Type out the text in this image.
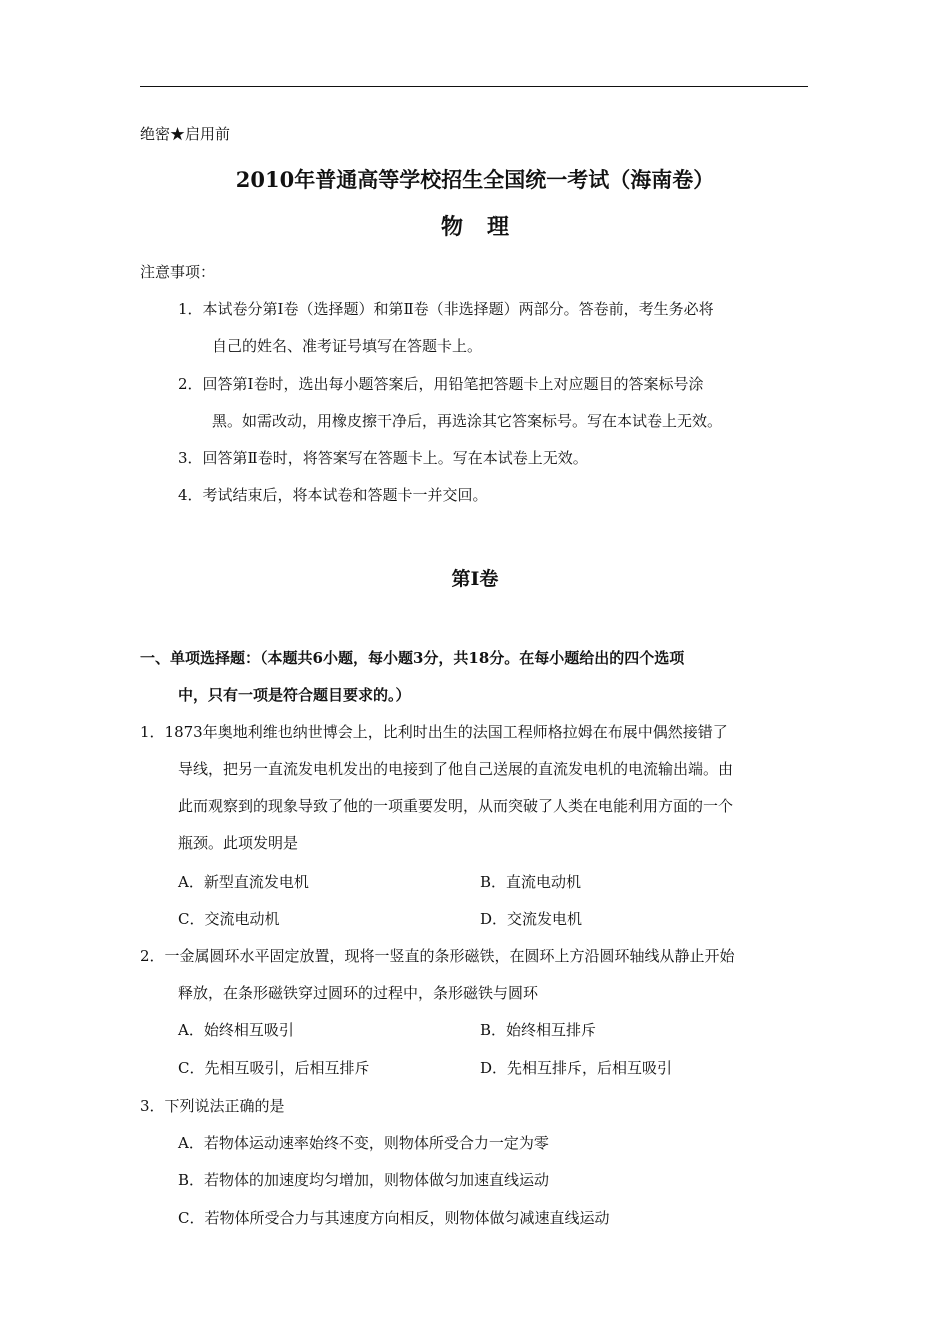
绝密★启用前
2010年普通高等学校招生全国统一考试（海南卷）
物理
注意事项：
1．本试卷分第Ⅰ卷（选择题）和第Ⅱ卷（非选择题）两部分。答卷前，考生务必将
自己的姓名、准考证号填写在答题卡上。
2．回答第Ⅰ卷时，选出每小题答案后，用铅笔把答题卡上对应题目的答案标号涂
黑。如需改动，用橡皮擦干净后，再选涂其它答案标号。写在本试卷上无效。
3．回答第Ⅱ卷时，将答案写在答题卡上。写在本试卷上无效。
4．考试结束后，将本试卷和答题卡一并交回。
第Ⅰ卷
一、单项选择题：（本题共6小题，每小题3分，共18分。在每小题给出的四个选项
中，只有一项是符合题目要求的。）
1．1873年奥地利维也纳世博会上，比利时出生的法国工程师格拉姆在布展中偶然接错了
导线，把另一直流发电机发出的电接到了他自己送展的直流发电机的电流输出端。由
此而观察到的现象导致了他的一项重要发明，从而突破了人类在电能利用方面的一个
瓶颈。此项发明是
A．新型直流发电机	B．直流电动机
C．交流电动机	D．交流发电机
2．一金属圆环水平固定放置，现将一竖直的条形磁铁，在圆环上方沿圆环轴线从静止开始
释放，在条形磁铁穿过圆环的过程中，条形磁铁与圆环
A．始终相互吸引	B．始终相互排斥
C．先相互吸引，后相互排斥	D．先相互排斥，后相互吸引
3．下列说法正确的是
A．若物体运动速率始终不变，则物体所受合力一定为零
B．若物体的加速度均匀增加，则物体做匀加速直线运动
C．若物体所受合力与其速度方向相反，则物体做匀减速直线运动
